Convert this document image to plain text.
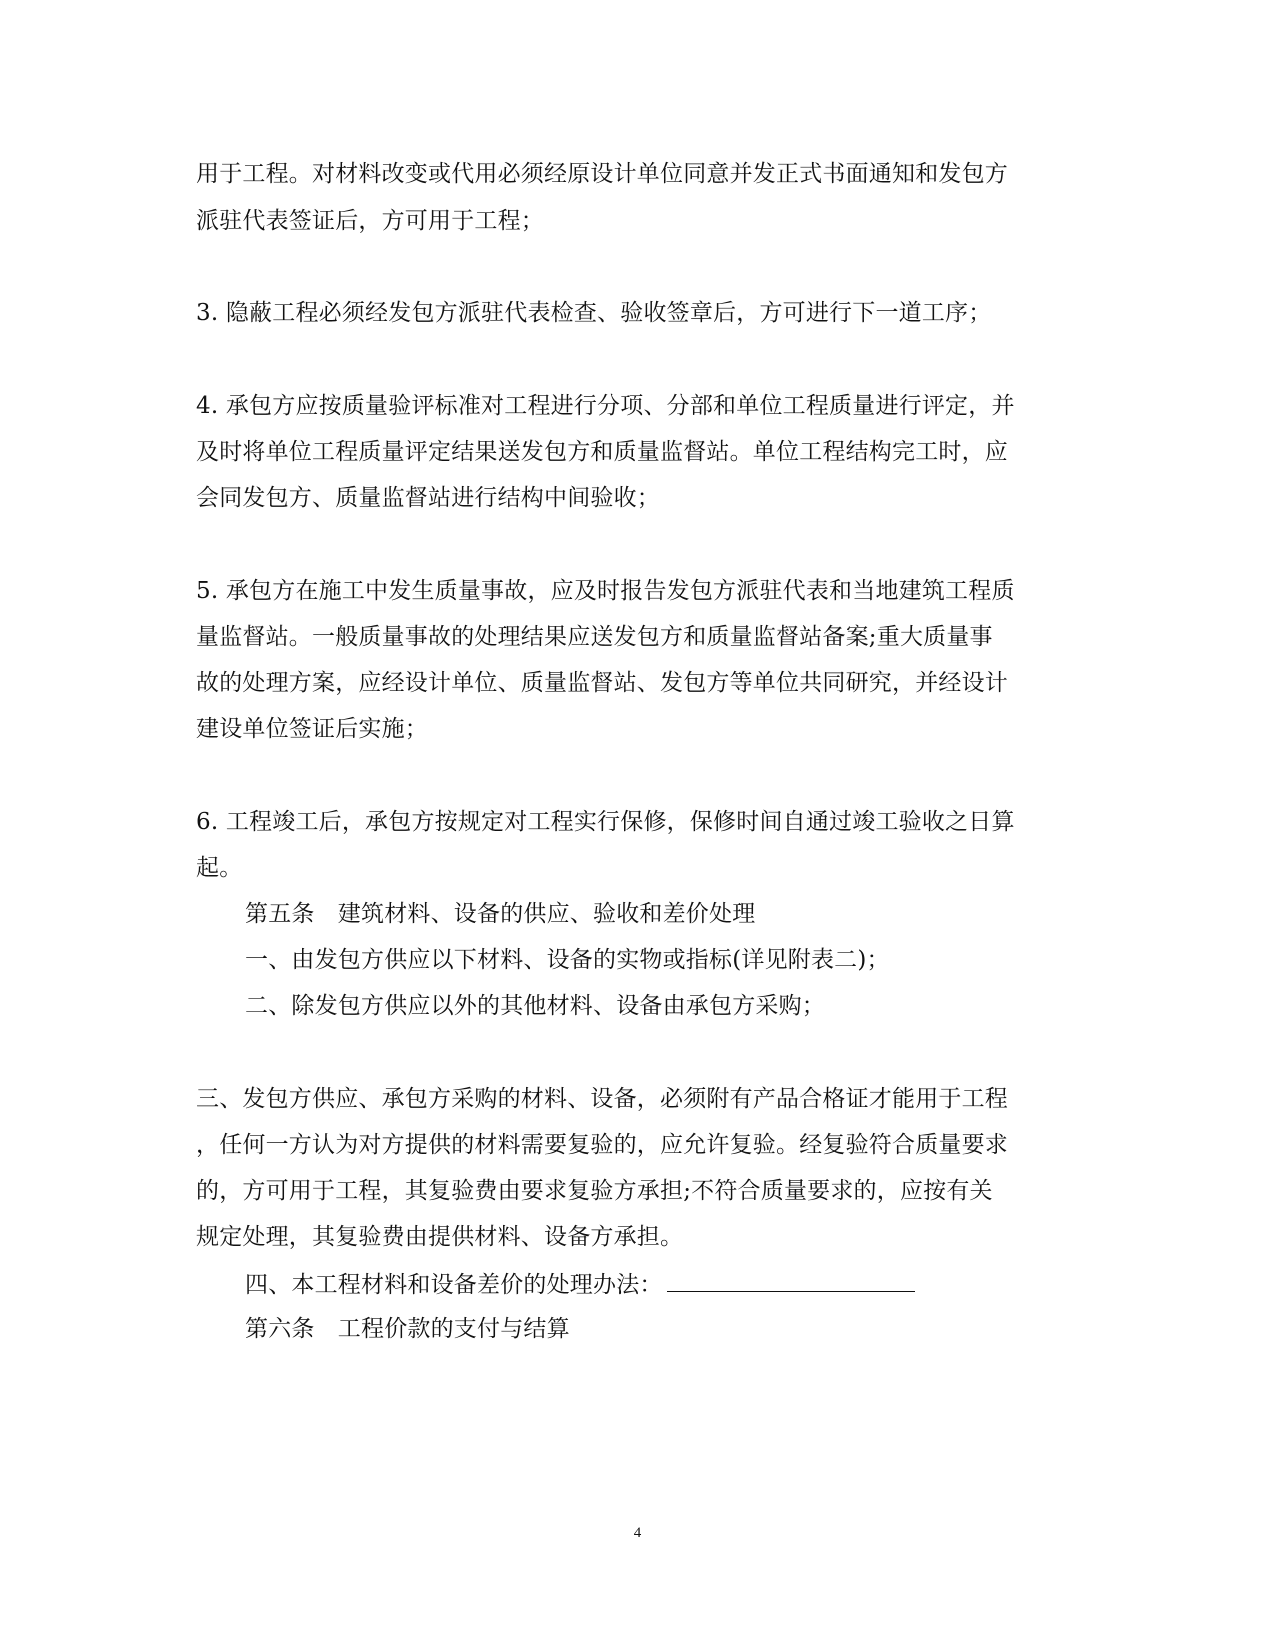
用于工程。对材料改变或代用必须经原设计单位同意并发正式书面通知和发包方
派驻代表签证后，方可用于工程；
3. 隐蔽工程必须经发包方派驻代表检查、验收签章后，方可进行下一道工序；
4. 承包方应按质量验评标准对工程进行分项、分部和单位工程质量进行评定，并
及时将单位工程质量评定结果送发包方和质量监督站。单位工程结构完工时，应
会同发包方、质量监督站进行结构中间验收；
5. 承包方在施工中发生质量事故，应及时报告发包方派驻代表和当地建筑工程质
量监督站。一般质量事故的处理结果应送发包方和质量监督站备案;重大质量事
故的处理方案，应经设计单位、质量监督站、发包方等单位共同研究，并经设计
建设单位签证后实施；
6. 工程竣工后，承包方按规定对工程实行保修，保修时间自通过竣工验收之日算
起。
第五条　建筑材料、设备的供应、验收和差价处理
一、由发包方供应以下材料、设备的实物或指标(详见附表二)；
二、除发包方供应以外的其他材料、设备由承包方采购；
三、发包方供应、承包方采购的材料、设备，必须附有产品合格证才能用于工程
，任何一方认为对方提供的材料需要复验的，应允许复验。经复验符合质量要求
的，方可用于工程，其复验费由要求复验方承担;不符合质量要求的，应按有关
规定处理，其复验费由提供材料、设备方承担。
四、本工程材料和设备差价的处理办法：
第六条　工程价款的支付与结算
4
